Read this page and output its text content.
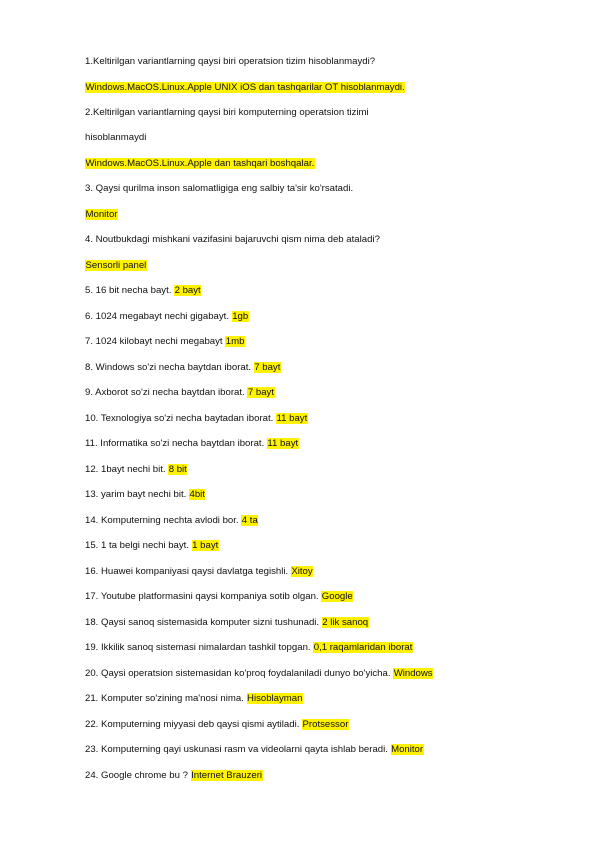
1.Keltirilgan variantlarning qaysi biri operatsion tizim hisoblanmaydi?
Windows.MacOS.Linux.Apple UNIX iOS dan tashqarilar OT hisoblanmaydi.
2.Keltirilgan variantlarning qaysi biri komputerning operatsion tizimi
hisoblanmaydi
Windows.MacOS.Linux.Apple dan tashqari boshqalar.
3. Qaysi qurilma inson salomatligiga eng salbiy ta'sir ko'rsatadi.
Monitor
4. Noutbukdagi mishkani vazifasini bajaruvchi qism nima deb ataladi?
Sensorli panel
5. 16 bit necha bayt. 2 bayt
6. 1024 megabayt nechi gigabayt. 1gb
7. 1024 kilobayt nechi megabayt 1mb
8. Windows so'zi necha baytdan iborat. 7 bayt
9. Axborot so'zi necha baytdan iborat. 7 bayt
10. Texnologiya so'zi necha baytadan iborat. 11 bayt
11. Informatika so'zi necha baytdan iborat. 11 bayt
12. 1bayt nechi bit. 8 bit
13. yarim bayt nechi bit. 4bit
14. Komputerning nechta avlodi bor. 4 ta
15. 1 ta belgi nechi bayt. 1 bayt
16. Huawei kompaniyasi qaysi davlatga tegishli. Xitoy
17. Youtube platformasini qaysi kompaniya sotib olgan. Google
18. Qaysi sanoq sistemasida komputer sizni tushunadi. 2 lik sanoq
19. Ikkilik sanoq sistemasi nimalardan tashkil topgan. 0,1 raqamlaridan iborat
20. Qaysi operatsion sistemasidan ko'proq foydalaniladi dunyo bo'yicha. Windows
21. Komputer so'zining ma'nosi nima. Hisoblayman
22. Komputerning miyyasi deb qaysi qismi aytiladi. Protsessor
23. Komputerning qayi uskunasi rasm va videolarni qayta ishlab beradi. Monitor
24. Google chrome bu ? Internet Brauzeri
